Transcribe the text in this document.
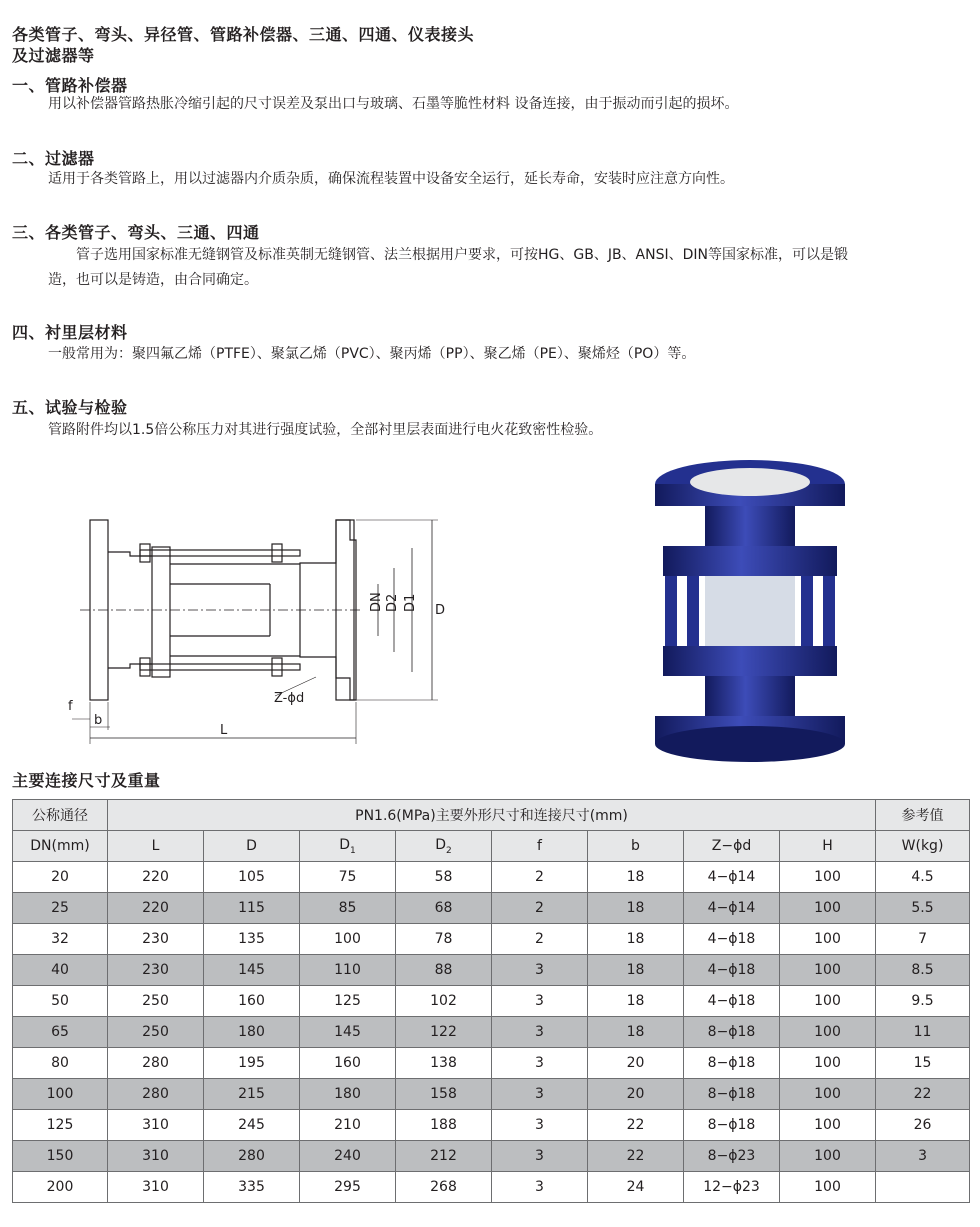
各类管子、弯头、异径管、管路补偿器、三通、四通、仪表接头
及过滤器等
一、管路补偿器
用以补偿器管路热胀冷缩引起的尺寸误差及泵出口与玻璃、石墨等脆性材料 设备连接，由于振动而引起的损坏。
二、过滤器
适用于各类管路上，用以过滤器内介质杂质，确保流程装置中设备安全运行，延长寿命，安装时应注意方向性。
三、各类管子、弯头、三通、四通
管子选用国家标准无缝钢管及标准英制无缝钢管、法兰根据用户要求，可按HG、GB、JB、ANSI、DIN等国家标准，可以是锻造，也可以是铸造，由合同确定。
四、衬里层材料
一般常用为：聚四氟乙烯（PTFE）、聚氯乙烯（PVC）、聚丙烯（PP）、聚乙烯（PE）、聚烯烃（PO）等。
五、试验与检验
管路附件均以1.5倍公称压力对其进行强度试验，全部衬里层表面进行电火花致密性检验。
DN D2 D1 D
f
b
L
Z-ϕd
主要连接尺寸及重量
公称通径	PN1.6(MPa)主要外形尺寸和连接尺寸(mm)								参考值
DN(mm)	L	D	$D_1$	$D_2$	f	b	Z−ϕd	H	W(kg)
20	220	105	75	58	2	18	4−ϕ14	100	4.5
25	220	115	85	68	2	18	4−ϕ14	100	5.5
32	230	135	100	78	2	18	4−ϕ18	100	7
40	230	145	110	88	3	18	4−ϕ18	100	8.5
50	250	160	125	102	3	18	4−ϕ18	100	9.5
65	250	180	145	122	3	18	8−ϕ18	100	11
80	280	195	160	138	3	20	8−ϕ18	100	15
100	280	215	180	158	3	20	8−ϕ18	100	22
125	310	245	210	188	3	22	8−ϕ18	100	26
150	310	280	240	212	3	22	8−ϕ23	100	3
200	310	335	295	268	3	24	12−ϕ23	100	
